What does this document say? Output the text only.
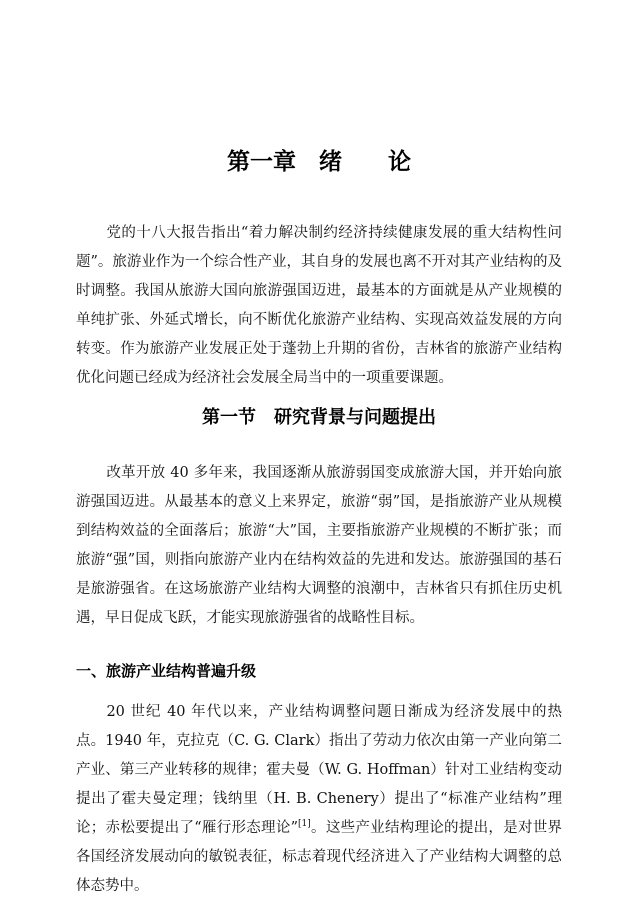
第一章　绪　　论

党的十八大报告指出“着力解决制约经济持续健康发展的重大结构性问题”。旅游业作为一个综合性产业，其自身的发展也离不开对其产业结构的及时调整。我国从旅游大国向旅游强国迈进，最基本的方面就是从产业规模的单纯扩张、外延式增长，向不断优化旅游产业结构、实现高效益发展的方向转变。作为旅游产业发展正处于蓬勃上升期的省份，吉林省的旅游产业结构优化问题已经成为经济社会发展全局当中的一项重要课题。

第一节　研究背景与问题提出

改革开放 40 多年来，我国逐渐从旅游弱国变成旅游大国，并开始向旅游强国迈进。从最基本的意义上来界定，旅游“弱”国，是指旅游产业从规模到结构效益的全面落后；旅游“大”国，主要指旅游产业规模的不断扩张；而旅游“强”国，则指向旅游产业内在结构效益的先进和发达。旅游强国的基石是旅游强省。在这场旅游产业结构大调整的浪潮中，吉林省只有抓住历史机遇，早日促成飞跃，才能实现旅游强省的战略性目标。

一、旅游产业结构普遍升级

20 世纪 40 年代以来，产业结构调整问题日渐成为经济发展中的热点。1940 年，克拉克（C. G. Clark）指出了劳动力依次由第一产业向第二产业、第三产业转移的规律；霍夫曼（W. G. Hoffman）针对工业结构变动提出了霍夫曼定理；钱纳里（H. B. Chenery）提出了“标准产业结构”理论；赤松要提出了“雁行形态理论”[1]。这些产业结构理论的提出，是对世界各国经济发展动向的敏锐表征，标志着现代经济进入了产业结构大调整的总体态势中。
